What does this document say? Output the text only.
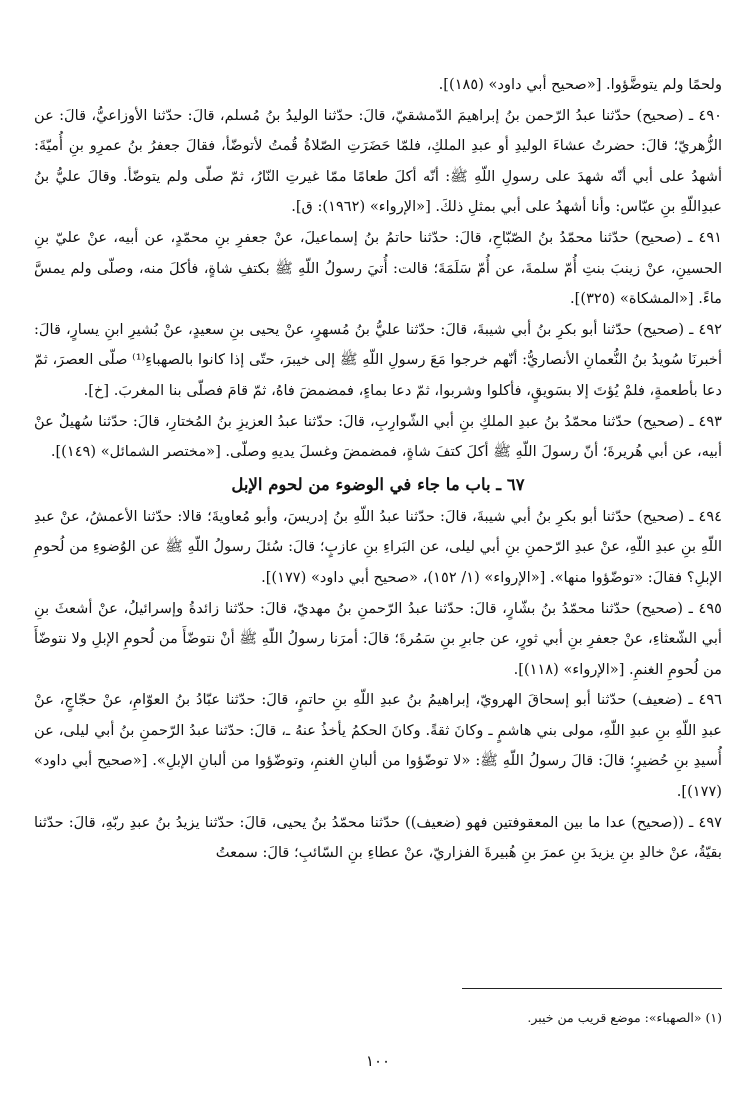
ولحمًا ولم يتوضَّؤوا. [«صحيح أبي داود» (١٨٥)].

٤٩٠ ـ (صحيح) حدّثنا عبدُ الرّحمن بنُ إبراهيمَ الدّمشقيّ، قالَ: حدّثنا الوليدُ بنُ مُسلم، قالَ: حدّثنا الأوزاعيُّ، قالَ: عن الزُّهريّ؛ قالَ: حضرتُ عشاءَ الوليدِ أو عبدِ الملكِ، فلمّا حَضَرَتِ الصّلاةُ قُمتُ لأتوضّأ، فقالَ جعفرُ بنُ عمرِو بنِ أُميّةَ: أشهدُ على أبي أنّه شهدَ على رسولِ اللّهِ ﷺ: أنّه أكلَ طعامًا ممّا غيرتِ النّارُ، ثمّ صلّى ولم يتوضّأ. وقالَ عليُّ بنُ عبدِاللّهِ بنِ عبّاس: وأنا أشهدُ على أبي بمثلِ ذلكَ. [«الإرواء» (١٩٦٢): ق].

٤٩١ ـ (صحيح) حدّثنا محمّدُ بنُ الصّبّاحِ، قالَ: حدّثنا حاتمُ بنُ إسماعيلَ، عنْ جعفرِ بنِ محمّدٍ، عن أبيه، عنْ عليّ بنِ الحسينِ، عنْ زينبَ بنتِ أُمّ سلمةَ، عن أُمّ سَلَمَةَ؛ قالت: أُتيَ رسولُ اللّهِ ﷺ بكتفِ شاةٍ، فأكلَ منه، وصلّى ولم يمسَّ ماءً. [«المشكاة» (٣٢٥)].

٤٩٢ ـ (صحيح) حدّثنا أبو بكرِ بنُ أبي شيبةَ، قالَ: حدّثنا عليُّ بنُ مُسهرٍ، عنْ يحيى بنِ سعيدٍ، عنْ بُشيرِ ابنِ يسارٍ، قالَ: أخبرنَا سُويدُ بنُ النُّعمانِ الأنصاريُّ: أنّهم خرجوا مَعَ رسولِ اللّهِ ﷺ إلى خيبرَ، حتّى إذا كانوا بالصهباءِ⁽¹⁾ صلّى العصرَ، ثمّ دعا بأطعمةٍ، فلمْ يُؤتَ إلا بسَويقٍ، فأكلوا وشربوا، ثمّ دعا بماءٍ، فمضمضَ فاهُ، ثمّ قامَ فصلّى بنا المغربَ. [خ].

٤٩٣ ـ (صحيح) حدّثنا محمّدُ بنُ عبدِ الملكِ بنِ أبي الشّوارِبِ، قالَ: حدّثنا عبدُ العزيزِ بنُ المُختارِ، قالَ: حدّثنا سُهيلٌ عنْ أبيه، عن أبي هُريرةَ؛ أنّ رسولَ اللّهِ ﷺ أكلَ كتفَ شاةٍ، فمضمضَ وغسلَ يديهِ وصلّى. [«مختصر الشمائل» (١٤٩)].

٦٧ ـ باب ما جاء في الوضوء من لحوم الإبل

٤٩٤ ـ (صحيح) حدّثنا أبو بكرِ بنُ أبي شيبةَ، قالَ: حدّثنا عبدُ اللّهِ بنُ إدريسَ، وأبو مُعاويةَ؛ قالا: حدّثنا الأعمشُ، عنْ عبدِ اللّهِ بنِ عبدِ اللّهِ، عنْ عبدِ الرّحمنِ بنِ أبي ليلى، عن البَراءِ بنِ عازبٍ؛ قالَ: سُئلَ رسولُ اللّهِ ﷺ عن الوُضوءِ من لُحومِ الإبلِ؟ فقالَ: «توضّؤوا منها». [«الإرواء» (١/ ١٥٢)، «صحيح أبي داود» (١٧٧)].

٤٩٥ ـ (صحيح) حدّثنا محمّدُ بنُ بشّارٍ، قالَ: حدّثنا عبدُ الرّحمنِ بنُ مهديّ، قالَ: حدّثنا زائدةُ وإسرائيلُ، عنْ أشعثَ بنِ أبي الشّعثاءِ، عنْ جعفرِ بنِ أبي ثورٍ، عن جابرِ بنِ سَمُرةَ؛ قالَ: أمرَنا رسولُ اللّهِ ﷺ أنْ نتوضّأَ من لُحومِ الإبلِ ولا نتوضّأَ من لُحومِ الغنمِ. [«الإرواء» (١١٨)].

٤٩٦ ـ (ضعيف) حدّثنا أبو إسحاقَ الهرويّ، إبراهيمُ بنُ عبدِ اللّهِ بنِ حاتمٍ، قالَ: حدّثنا عبّادُ بنُ العوّامِ، عنْ حجّاجٍ، عنْ عبدِ اللّهِ بنِ عبدِ اللّهِ، مولى بني هاشمٍ ـ وكانَ ثقةً. وكانَ الحكمُ يأخذُ عنهُ ـ، قالَ: حدّثنا عبدُ الرّحمنِ بنُ أبي ليلى، عن أُسيدِ بنِ حُضيرٍ؛ قالَ: قالَ رسولُ اللّهِ ﷺ: «لا توضّؤوا من ألبانِ الغنمِ، وتوضّؤوا من ألبانِ الإبلِ». [«صحيح أبي داود» (١٧٧)].

٤٩٧ ـ ((صحيح) عدا ما بين المعقوفتين فهو (ضعيف)) حدّثنا محمّدُ بنُ يحيى، قالَ: حدّثنا يزيدُ بنُ عبدِ ربّهِ، قالَ: حدّثنا بقيّةُ، عنْ خالدِ بنِ يزيدَ بنِ عمرَ بنِ هُبيرةَ الفزاريّ، عنْ عطاءِ بنِ السّائبِ؛ قالَ: سمعتُ

(١) «الصهباء»: موضع قريب من خيبر.
١٠٠
